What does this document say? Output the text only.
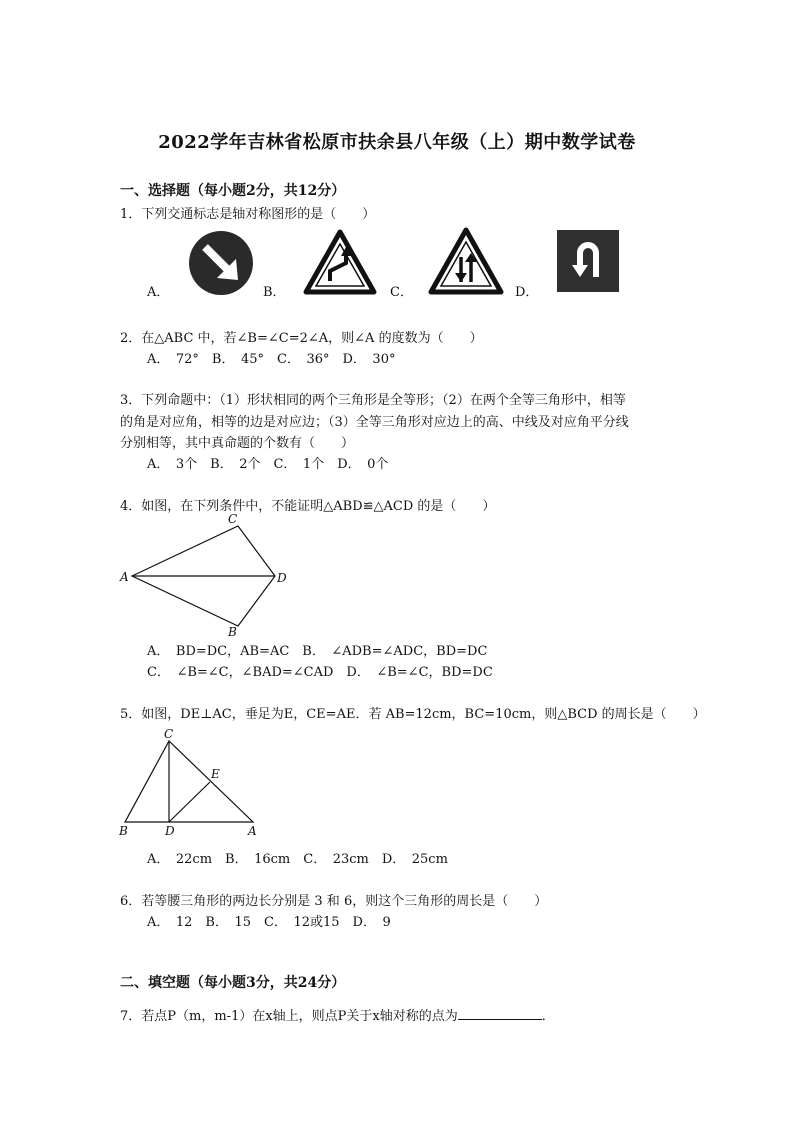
2022学年吉林省松原市扶余县八年级（上）期中数学试卷
一、选择题（每小题2分，共12分）
1．下列交通标志是轴对称图形的是（　　）
A．	B．	C．	D．
2．在△ABC 中，若∠B=∠C=2∠A，则∠A 的度数为（　　）
A．　72°　B．　45°　C．　36°　D．　30°
3．下列命题中：（1）形状相同的两个三角形是全等形；（2）在两个全等三角形中，相等
的角是对应角，相等的边是对应边；（3）全等三角形对应边上的高、中线及对应角平分线
分别相等，其中真命题的个数有（　　）
A．　3个　B．　2个　C．　1个　D．　0个
4．如图，在下列条件中，不能证明△ABD≌△ACD 的是（　　）
C
A	D
B
A．　BD=DC，AB=AC　B．　∠ADB=∠ADC，BD=DC
C．　∠B=∠C，∠BAD=∠CAD　D．　∠B=∠C，BD=DC
5．如图，DE⊥AC，垂足为E，CE=AE．若 AB=12cm，BC=10cm，则△BCD 的周长是（　　）
C
E
B	D	A
A．　22cm　B．　16cm　C．　23cm　D．　25cm
6．若等腰三角形的两边长分别是 3 和 6，则这个三角形的周长是（　　）
A．　12　B．　15　C．　12或15　D．　9
二、填空题（每小题3分，共24分）
7．若点P（m，m-1）在x轴上，则点P关于x轴对称的点为	．
